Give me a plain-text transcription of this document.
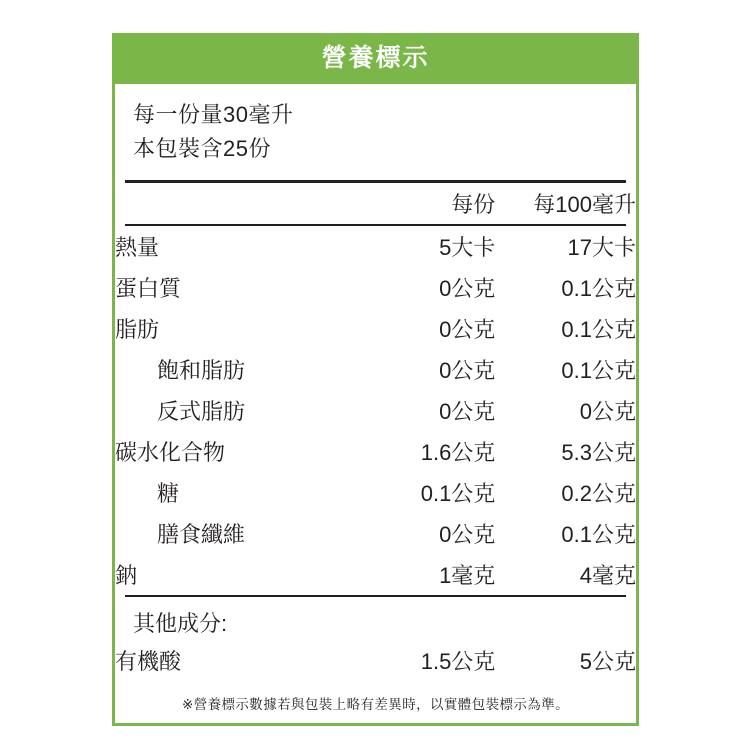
營養標示
每一份量30毫升
本包裝含25份
	每份	每100毫升
熱量	5大卡	17大卡
蛋白質	0公克	0.1公克
脂肪	0公克	0.1公克
飽和脂肪	0公克	0.1公克
反式脂肪	0公克	0公克
碳水化合物	1.6公克	5.3公克
糖	0.1公克	0.2公克
膳食纖維	0公克	0.1公克
鈉	1毫克	4毫克
其他成分:
有機酸	1.5公克	5公克
※營養標示數據若與包裝上略有差異時，以實體包裝標示為準。
